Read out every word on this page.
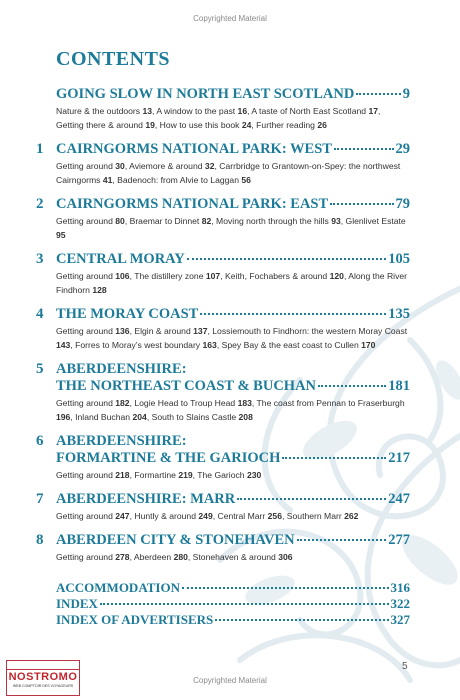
Copyrighted Material
CONTENTS
GOING SLOW IN NORTH EAST SCOTLAND	9
Nature & the outdoors 13, A window to the past 16, A taste of North East Scotland 17, Getting there & around 19, How to use this book 24, Further reading 26
1 CAIRNGORMS NATIONAL PARK: WEST	29
Getting around 30, Aviemore & around 32, Carrbridge to Grantown-on-Spey: the northwest Cairngorms 41, Badenoch: from Alvie to Laggan 56
2 CAIRNGORMS NATIONAL PARK: EAST	79
Getting around 80, Braemar to Dinnet 82, Moving north through the hills 93, Glenlivet Estate 95
3 CENTRAL MORAY	105
Getting around 106, The distillery zone 107, Keith, Fochabers & around 120, Along the River Findhorn 128
4 THE MORAY COAST	135
Getting around 136, Elgin & around 137, Lossiemouth to Findhorn: the western Moray Coast 143, Forres to Moray’s west boundary 163, Spey Bay & the east coast to Cullen 170
5 ABERDEENSHIRE:
THE NORTHEAST COAST & BUCHAN	181
Getting around 182, Logie Head to Troup Head 183, The coast from Pennan to Fraserburgh 196, Inland Buchan 204, South to Slains Castle 208
6 ABERDEENSHIRE:
FORMARTINE & THE GARIOCH	217
Getting around 218, Formartine 219, The Garioch 230
7 ABERDEENSHIRE: MARR	247
Getting around 247, Huntly & around 249, Central Marr 256, Southern Marr 262
8 ABERDEEN CITY & STONEHAVEN	277
Getting around 278, Aberdeen 280, Stonehaven & around 306
ACCOMMODATION	316
INDEX	322
INDEX OF ADVERTISERS	327
NOSTROMO
WEB COMPTOIR DES VOYAGEURS
5
Copyrighted Material
